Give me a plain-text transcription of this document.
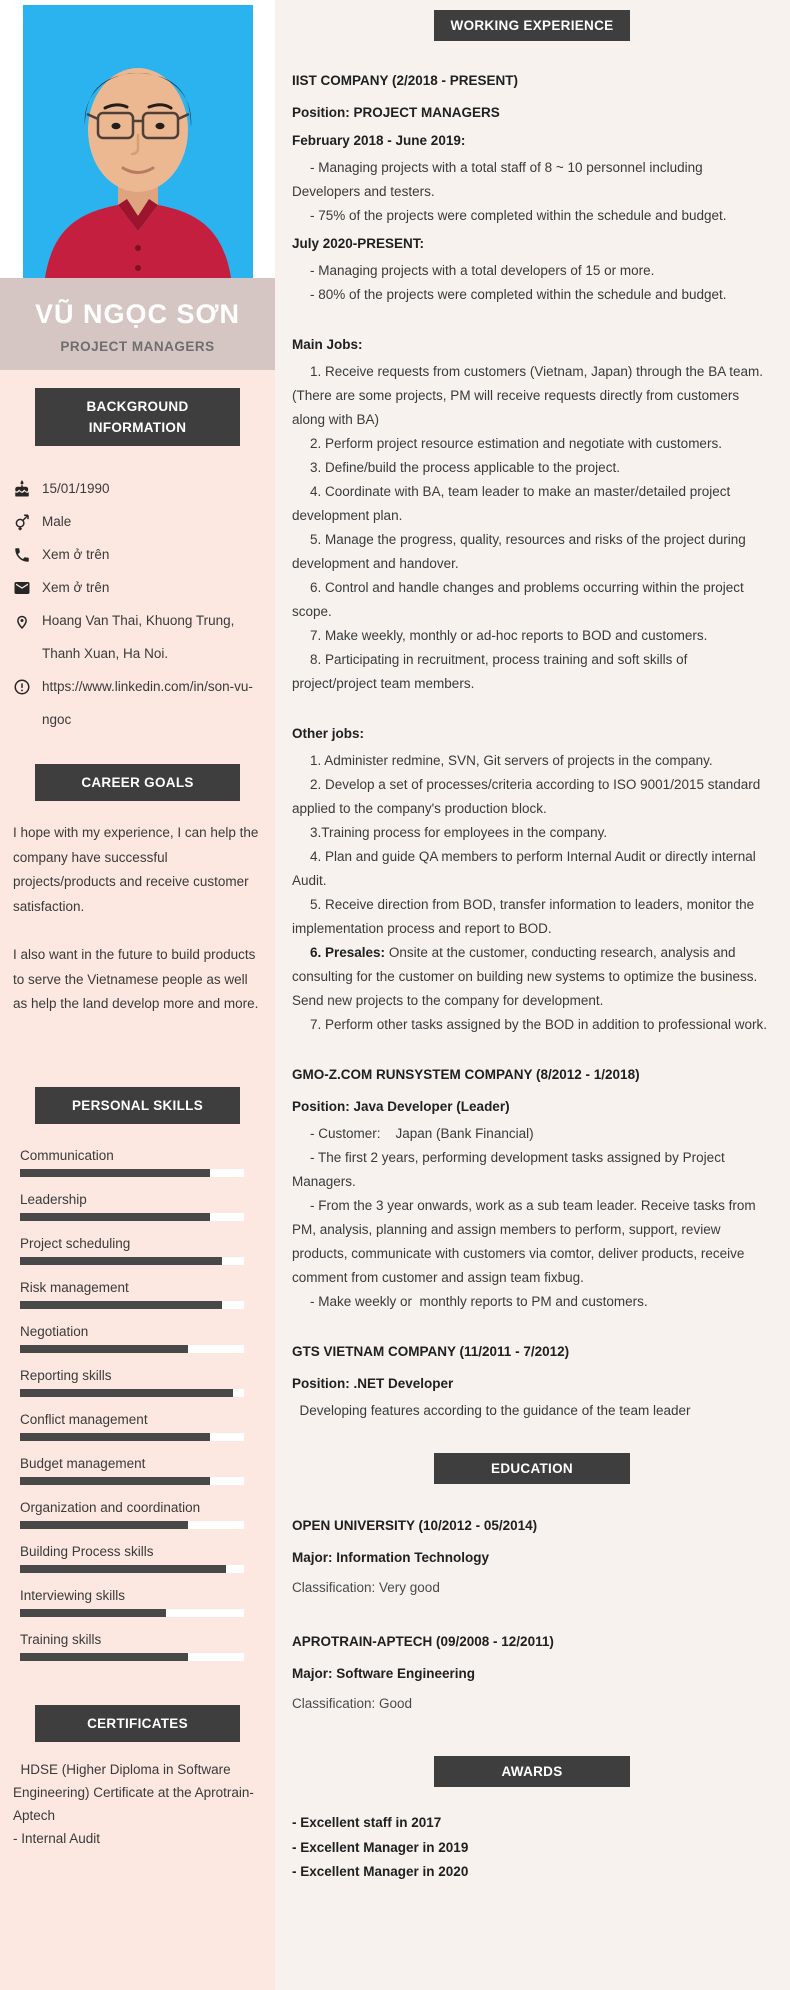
VŨ NGỌC SƠN
PROJECT MANAGERS
BACKGROUND INFORMATION
15/01/1990
Male
Xem ở trên
Xem ở trên
Hoang Van Thai, Khuong Trung, Thanh Xuan, Ha Noi.
https://www.linkedin.com/in/son-vu-ngoc
CAREER GOALS

I hope with my experience, I can help the company have successful projects/products and receive customer satisfaction.

I also want in the future to build products to serve the Vietnamese people as well as help the land develop more and more.

PERSONAL SKILLS
Communication
Leadership
Project scheduling
Risk management
Negotiation
Reporting skills
Conflict management
Budget management
Organization and coordination
Building Process skills
Interviewing skills
Training skills
CERTIFICATES

HDSE (Higher Diploma in Software Engineering) Certificate at the Aprotrain-Aptech

- Internal Audit

WORKING EXPERIENCE
IIST COMPANY (2/2018 - PRESENT)

Position: PROJECT MANAGERS

February 2018 - June 2019:

- Managing projects with a total staff of 8 ~ 10 personnel including Developers and testers.

- 75% of the projects were completed within the schedule and budget.

July 2020-PRESENT:

- Managing projects with a total developers of 15 or more.

- 80% of the projects were completed within the schedule and budget.

Main Jobs:

1. Receive requests from customers (Vietnam, Japan) through the BA team. (There are some projects, PM will receive requests directly from customers along with BA)

2. Perform project resource estimation and negotiate with customers.

3. Define/build the process applicable to the project.

4. Coordinate with BA, team leader to make an master/detailed project development plan.

5. Manage the progress, quality, resources and risks of the project during development and handover.

6. Control and handle changes and problems occurring within the project scope.

7. Make weekly, monthly or ad-hoc reports to BOD and customers.

8. Participating in recruitment, process training and soft skills of project/project team members.

Other jobs:

1. Administer redmine, SVN, Git servers of projects in the company.

2. Develop a set of processes/criteria according to ISO 9001/2015 standard applied to the company's production block.

3.Training process for employees in the company.

4. Plan and guide QA members to perform Internal Audit or directly internal Audit.

5. Receive direction from BOD, transfer information to leaders, monitor the implementation process and report to BOD.

6. Presales: Onsite at the customer, conducting research, analysis and consulting for the customer on building new systems to optimize the business. Send new projects to the company for development.

7. Perform other tasks assigned by the BOD in addition to professional work.

GMO-Z.COM RUNSYSTEM COMPANY (8/2012 - 1/2018)

Position: Java Developer (Leader)

- Customer:    Japan (Bank Financial)

- The first 2 years, performing development tasks assigned by Project Managers.

- From the 3 year onwards, work as a sub team leader. Receive tasks from PM, analysis, planning and assign members to perform, support, review products, communicate with customers via comtor, deliver products, receive comment from customer and assign team fixbug.

- Make weekly or  monthly reports to PM and customers.

GTS VIETNAM COMPANY (11/2011 - 7/2012)

Position: .NET Developer

Developing features according to the guidance of the team leader

EDUCATION
OPEN UNIVERSITY (10/2012 - 05/2014)

Major: Information Technology

Classification: Very good

APROTRAIN-APTECH (09/2008 - 12/2011)

Major: Software Engineering

Classification: Good

AWARDS

- Excellent staff in 2017

- Excellent Manager in 2019

- Excellent Manager in 2020
